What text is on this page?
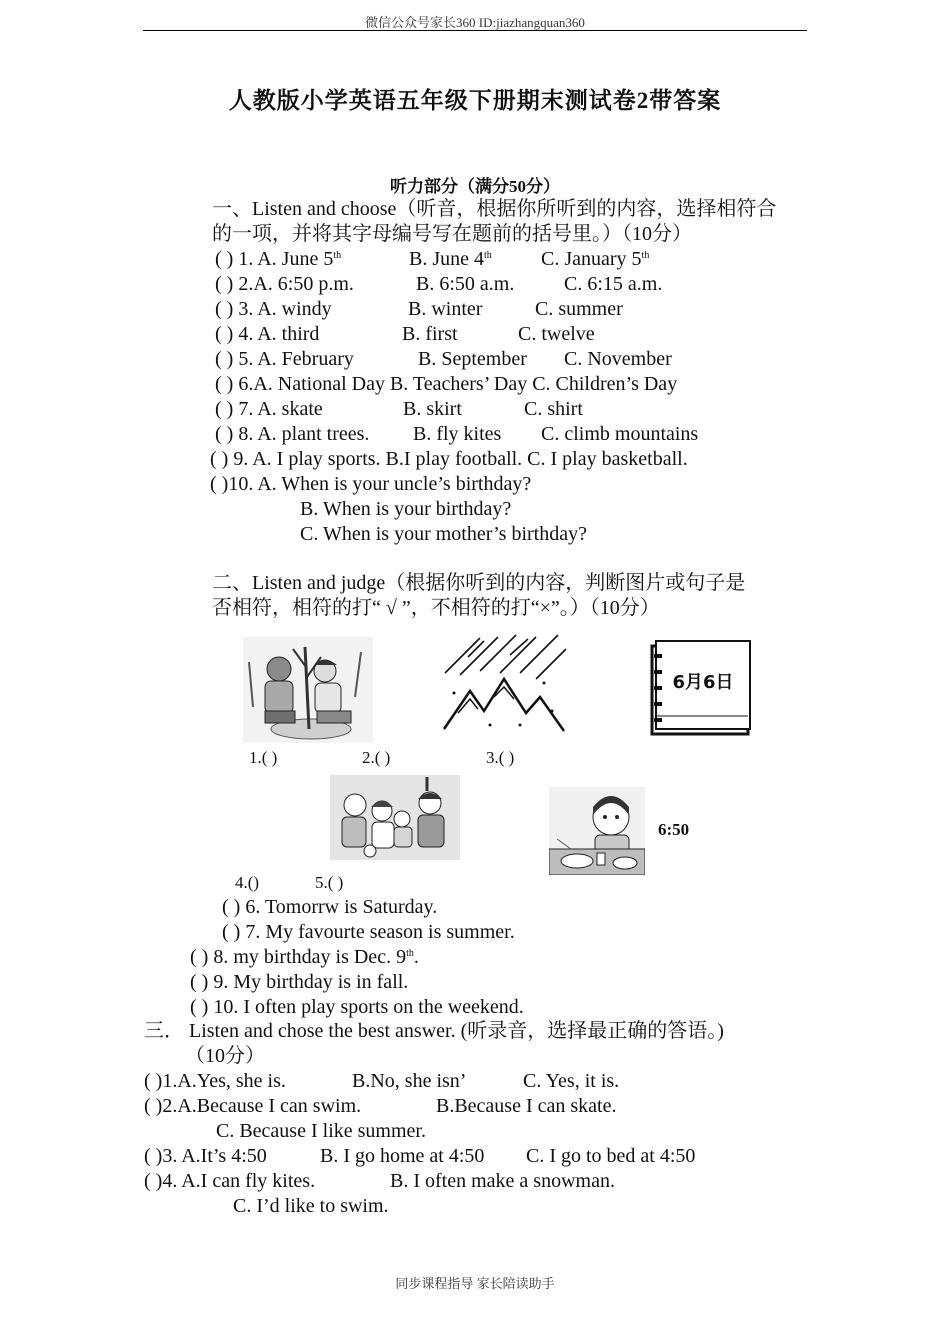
微信公众号家长360 ID:jiazhangquan360
人教版小学英语五年级下册期末测试卷2带答案
听力部分（满分50分）
一、Listen and choose（听音，根据你所听到的内容，选择相符合
的一项，并将其字母编号写在题前的括号里。）（10分）
( ) 1. A. June 5th	B. June 4th C. January 5th
( ) 2.A. 6:50 p.m.	B. 6:50 a.m. C. 6:15 a.m.
( ) 3. A. windy	B. winter	C. summer
( ) 4. A. third	B. first	C. twelve
( ) 5. A. February	B. September C. November
( ) 6.A. National Day B. Teachers’ Day C. Children’s Day
( ) 7. A. skate	B. skirt	C. shirt
( ) 8. A. plant trees. B. fly kites C. climb mountains
( ) 9. A. I play sports. B.I play football. C. I play basketball.
( )10. A. When is your uncle’s birthday?
B. When is your birthday?
C. When is your mother’s birthday?
二、Listen and judge（根据你听到的内容，判断图片或句子是
否相符，相符的打“ √ ”，不相符的打“×”。）（10分）
6月6日
1.( )	2.( )	3.( )
6:50
4.()	5.( )
( ) 6. Tomorrw is Saturday.
( ) 7. My favourte season is summer.
( ) 8. my birthday is Dec. 9th.
( ) 9. My birthday is in fall.
( ) 10. I often play sports on the weekend.
三． Listen and chose the best answer. (听录音，选择最正确的答语。)
（10分）
( )1.A.Yes, she is.	B.No, she isn’	C. Yes, it is.
( )2.A.Because I can swim.	B.Because I can skate.
C. Because I like summer.
( )3. A.It’s 4:50	B. I go home at 4:50 C. I go to bed at 4:50
( )4. A.I can fly kites.	B. I often make a snowman.
C. I’d like to swim.
同步课程指导 家长陪读助手
